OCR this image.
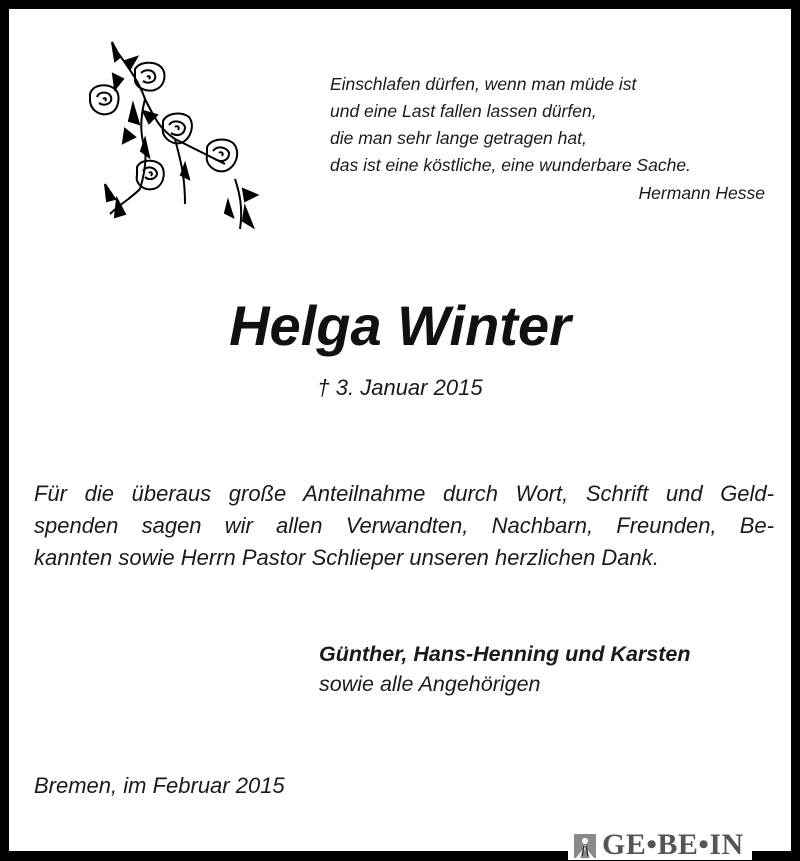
Einschlafen dürfen, wenn man müde ist
und eine Last fallen lassen dürfen,
die man sehr lange getragen hat,
das ist eine köstliche, eine wunderbare Sache.
Hermann Hesse
Helga Winter
† 3. Januar 2015
Für die überaus große Anteilnahme durch Wort, Schrift und Geld-
spenden sagen wir allen Verwandten, Nachbarn, Freunden, Be-
kannten sowie Herrn Pastor Schlieper unseren herzlichen Dank.
Günther, Hans-Henning und Karsten
sowie alle Angehörigen
Bremen, im Februar 2015
GE•BE•IN
